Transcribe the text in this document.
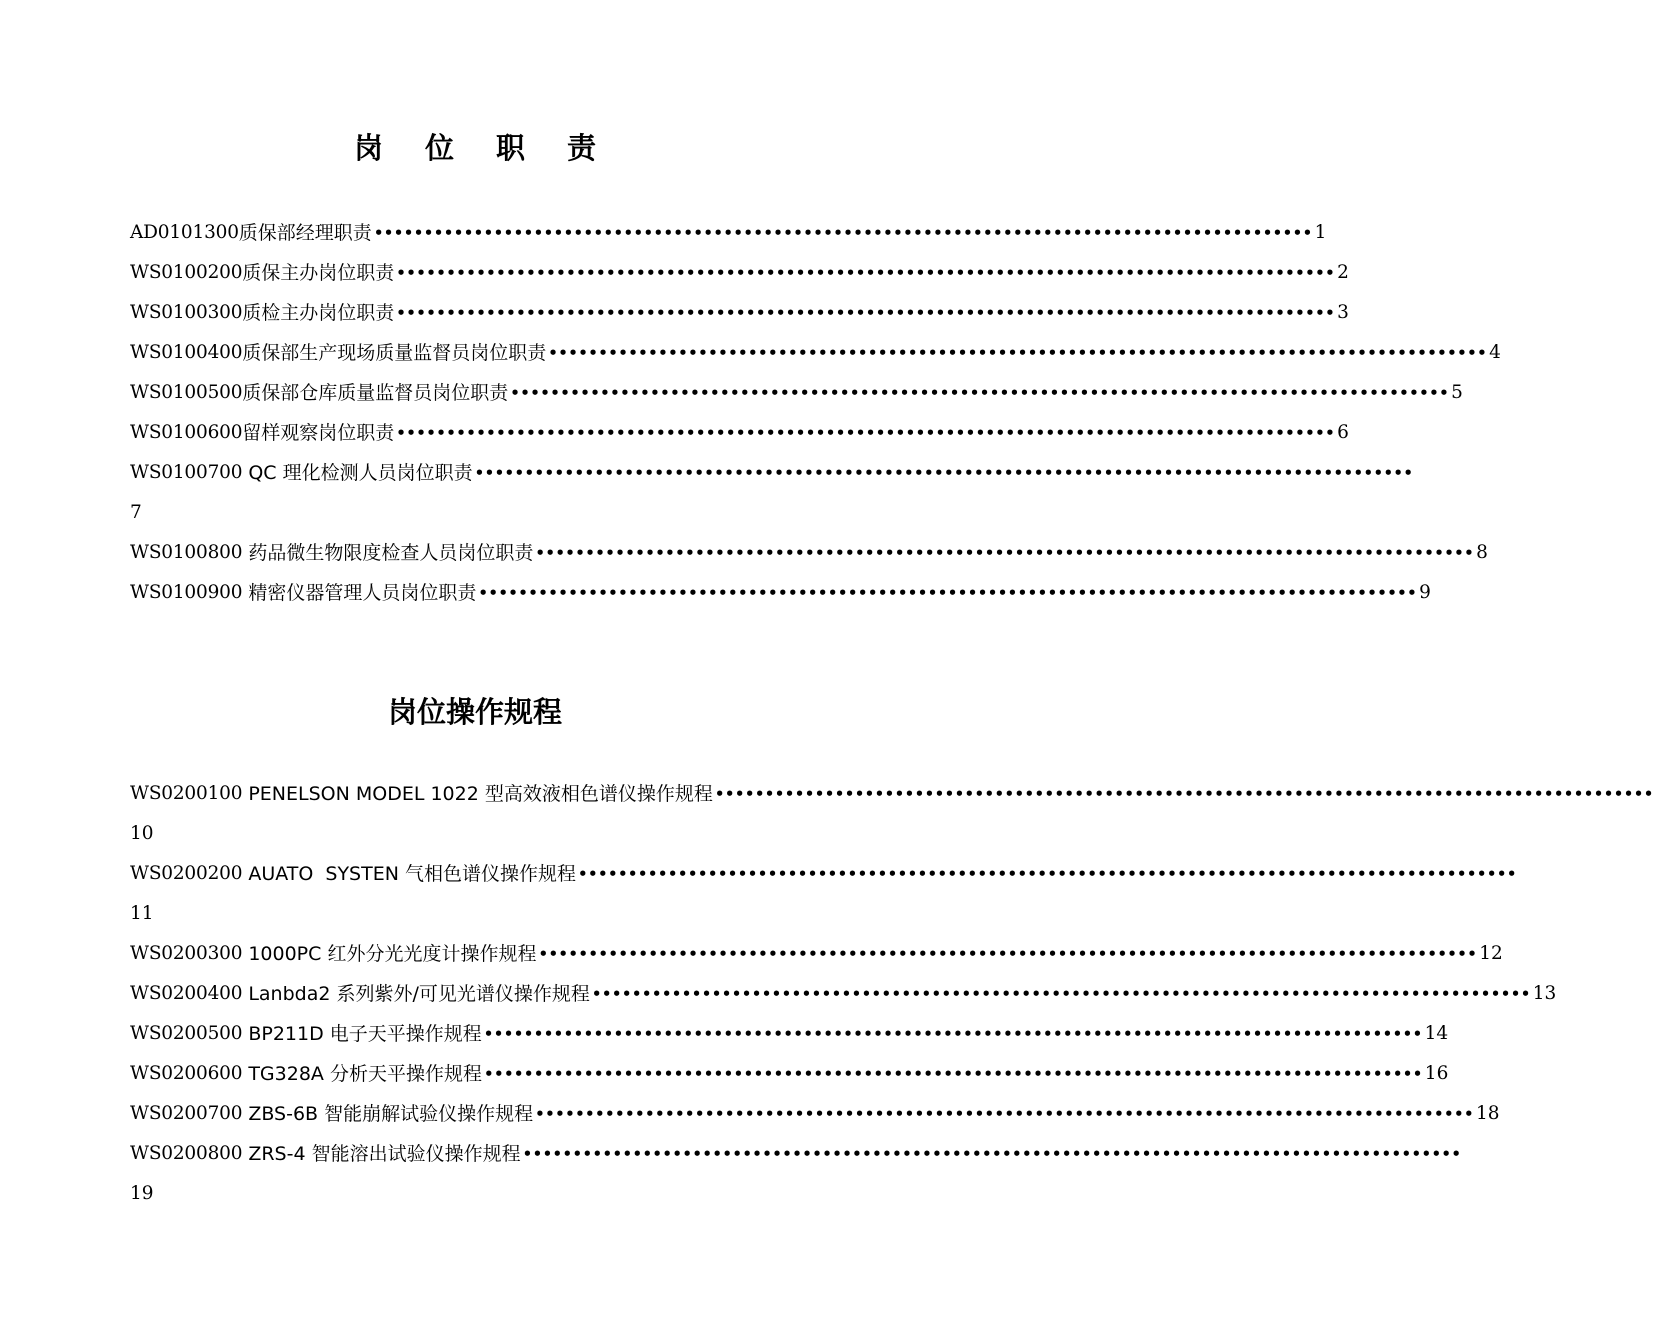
岗 位 职 责
AD0101300 质保部经理职责 •••••••••••••••••••••••••••••••••••••••••••••••••••••••••••••••••••••••••••••••••••••••••••••• 1
WS0100200 质保主办岗位职责 •••••••••••••••••••••••••••••••••••••••••••••••••••••••••••••••••••••••••••••••••••••••••••••• 2
WS0100300 质检主办岗位职责 •••••••••••••••••••••••••••••••••••••••••••••••••••••••••••••••••••••••••••••••••••••••••••••• 3
WS0100400 质保部生产现场质量监督员岗位职责 •••••••••••••••••••••••••••••••••••••••••••••••••••••••••••••••••••••••••••••••••••••••••••••• 4
WS0100500 质保部仓库质量监督员岗位职责 •••••••••••••••••••••••••••••••••••••••••••••••••••••••••••••••••••••••••••••••••••••••••••••• 5
WS0100600 留样观察岗位职责 •••••••••••••••••••••••••••••••••••••••••••••••••••••••••••••••••••••••••••••••••••••••••••••• 6
WS0100700
QC 理化检测人员岗位职责 ••••••••••••••••••••••••••••••••••••••••••••••••••••••••••••••••••••••••••••••••••••••••••••••
7
WS0100800
药品微生物限度检查人员岗位职责 •••••••••••••••••••••••••••••••••••••••••••••••••••••••••••••••••••••••••••••••••••••••••••••• 8
WS0100900
精密仪器管理人员岗位职责 •••••••••••••••••••••••••••••••••••••••••••••••••••••••••••••••••••••••••••••••••••••••••••••• 9
岗位操作规程
WS0200100
PENELSON MODEL 1022 型高效液相色谱仪操作规程 ••••••••••••••••••••••••••••••••••••••••••••••••••••••••••••••••••••••••••••••••••••••••••••••
10
WS0200200
AUATO  SYSTEN 气相色谱仪操作规程 ••••••••••••••••••••••••••••••••••••••••••••••••••••••••••••••••••••••••••••••••••••••••••••••
11
WS0200300
1000PC 红外分光光度计操作规程 •••••••••••••••••••••••••••••••••••••••••••••••••••••••••••••••••••••••••••••••••••••••••••••• 12
WS0200400
Lanbda2 系列紫外/可见光谱仪操作规程 •••••••••••••••••••••••••••••••••••••••••••••••••••••••••••••••••••••••••••••••••••••••••••••• 13
WS0200500
BP211D 电子天平操作规程 •••••••••••••••••••••••••••••••••••••••••••••••••••••••••••••••••••••••••••••••••••••••••••••• 14
WS0200600
TG328A 分析天平操作规程 •••••••••••••••••••••••••••••••••••••••••••••••••••••••••••••••••••••••••••••••••••••••••••••• 16
WS0200700
ZBS-6B 智能崩解试验仪操作规程 •••••••••••••••••••••••••••••••••••••••••••••••••••••••••••••••••••••••••••••••••••••••••••••• 18
WS0200800
ZRS-4 智能溶出试验仪操作规程 ••••••••••••••••••••••••••••••••••••••••••••••••••••••••••••••••••••••••••••••••••••••••••••••
19
